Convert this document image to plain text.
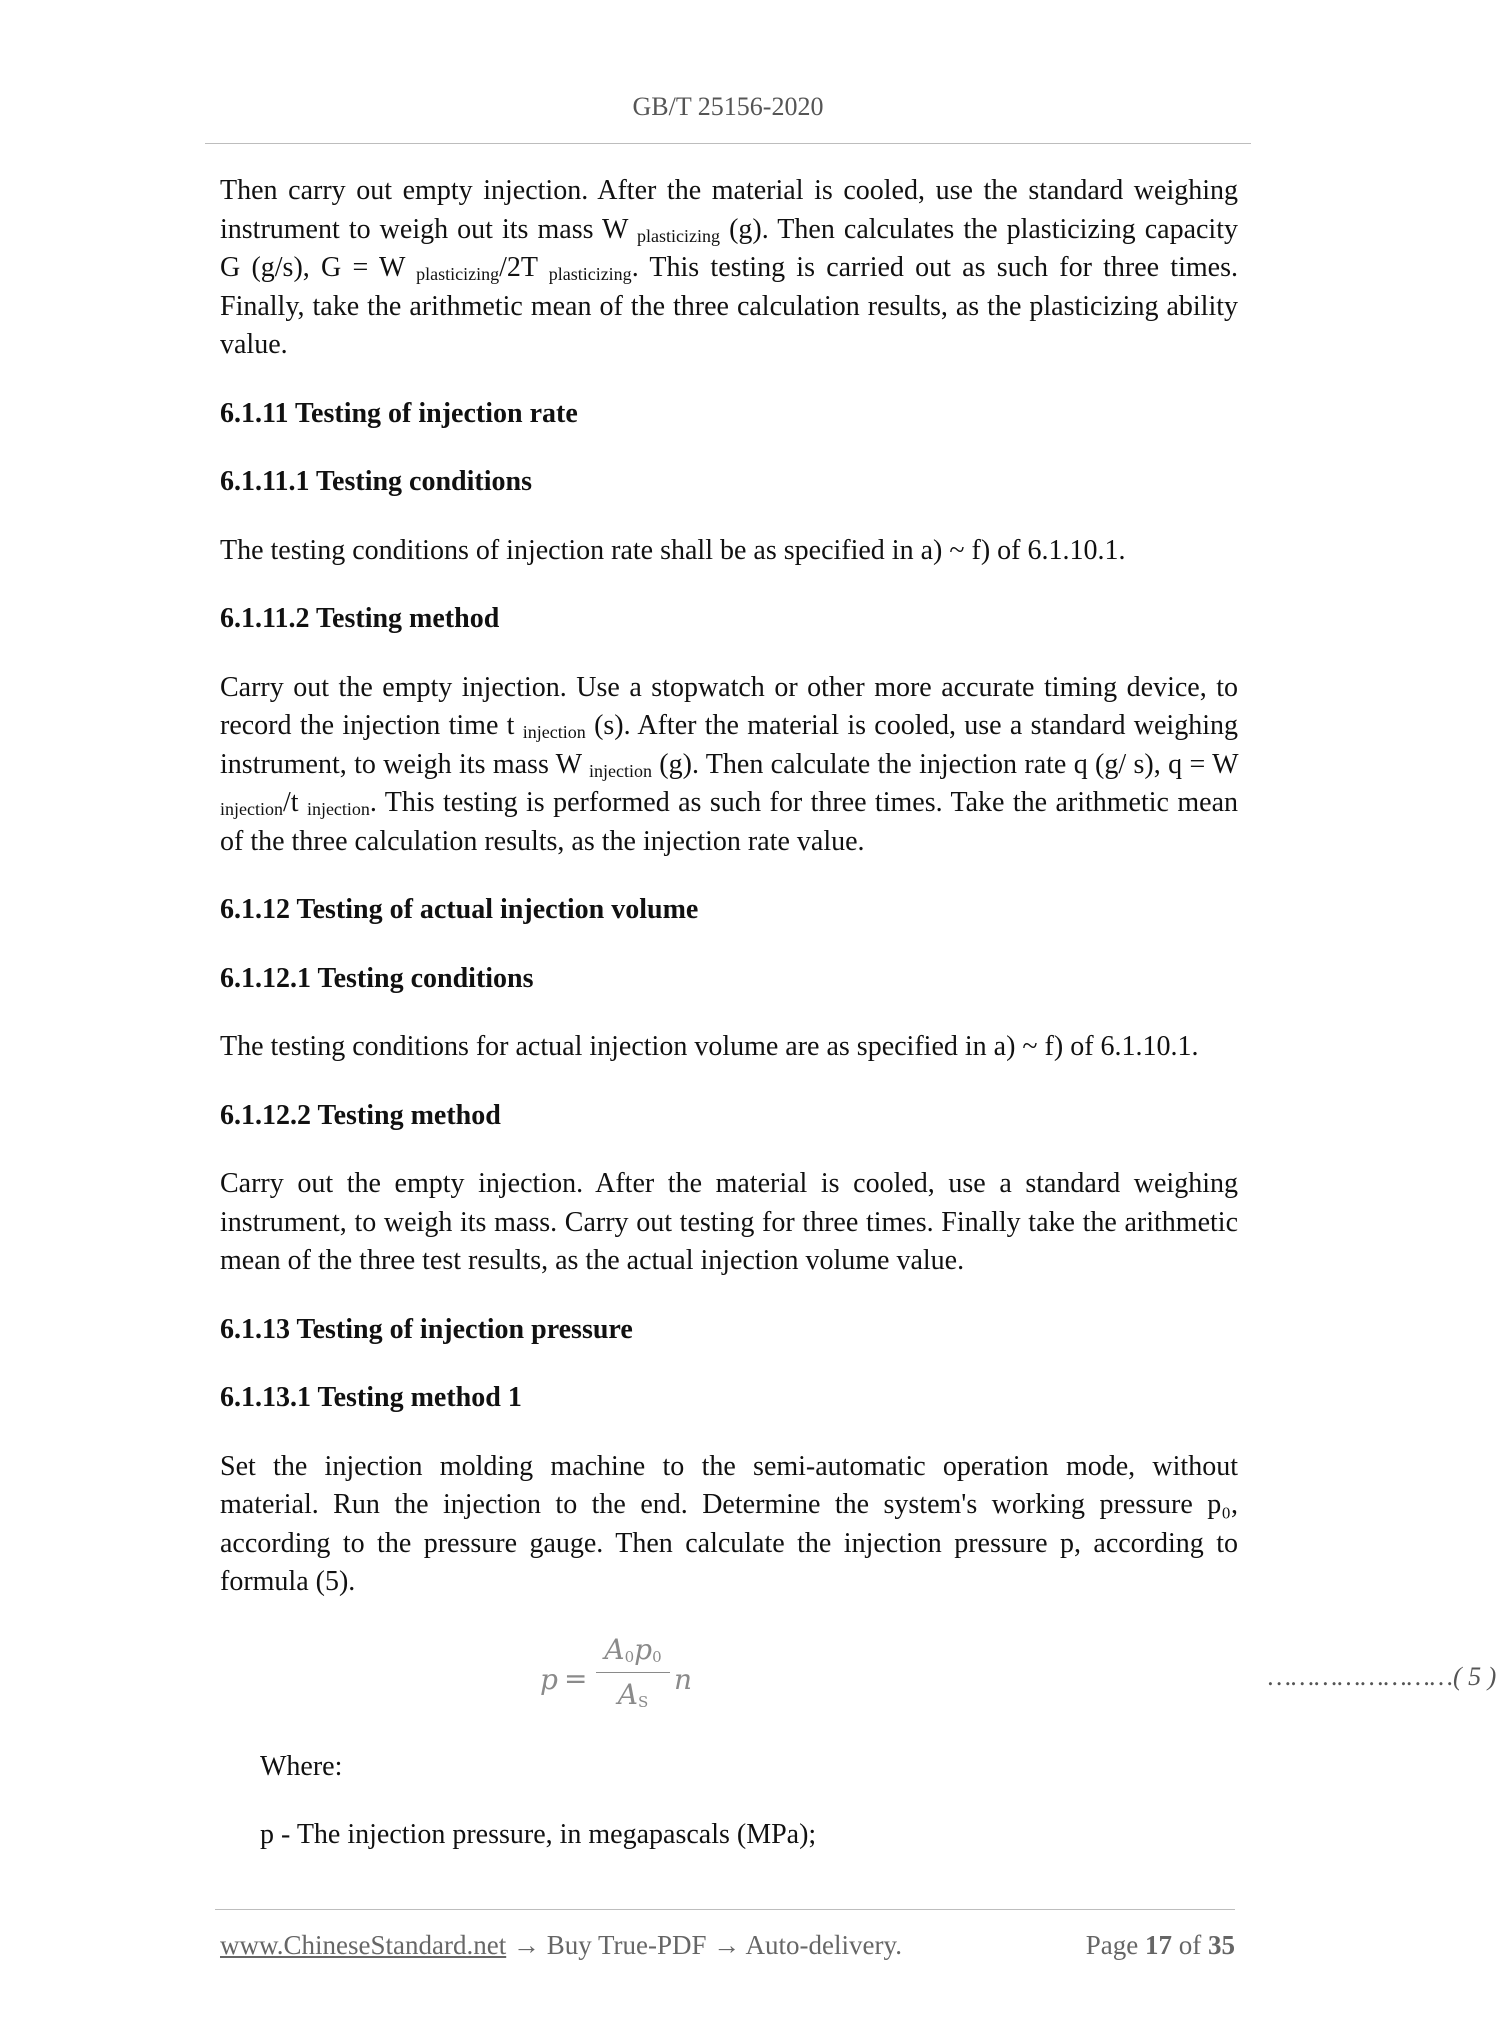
GB/T 25156-2020

Then carry out empty injection. After the material is cooled, use the standard weighing instrument to weigh out its mass W $_{plasticizing}$ (g). Then calculates the plasticizing capacity G (g/s), G = W $_{plasticizing}$/2T $_{plasticizing}$. This testing is carried out as such for three times. Finally, take the arithmetic mean of the three calculation results, as the plasticizing ability value.

6.1.11 Testing of injection rate
6.1.11.1 Testing conditions

The testing conditions of injection rate shall be as specified in a) ~ f) of 6.1.10.1.

6.1.11.2 Testing method

Carry out the empty injection. Use a stopwatch or other more accurate timing device, to record the injection time t $_{injection}$ (s). After the material is cooled, use a standard weighing instrument, to weigh its mass W $_{injection}$ (g). Then calculate the injection rate q (g/ s), q = W $_{injection}$/t $_{injection}$. This testing is performed as such for three times. Take the arithmetic mean of the three calculation results, as the injection rate value.

6.1.12 Testing of actual injection volume
6.1.12.1 Testing conditions

The testing conditions for actual injection volume are as specified in a) ~ f) of 6.1.10.1.

6.1.12.2 Testing method

Carry out the empty injection. After the material is cooled, use a standard weighing instrument, to weigh its mass. Carry out testing for three times. Finally take the arithmetic mean of the three test results, as the actual injection volume value.

6.1.13 Testing of injection pressure
6.1.13.1 Testing method 1

Set the injection molding machine to the semi-automatic operation mode, without material. Run the injection to the end. Determine the system's working pressure p₀, according to the pressure gauge. Then calculate the injection pressure p, according to formula (5).

p =
A0p0
AS
n	……………………( 5 )

Where:

p - The injection pressure, in megapascals (MPa);

www.ChineseStandard.net → Buy True-PDF → Auto-delivery.	Page 17 of 35
